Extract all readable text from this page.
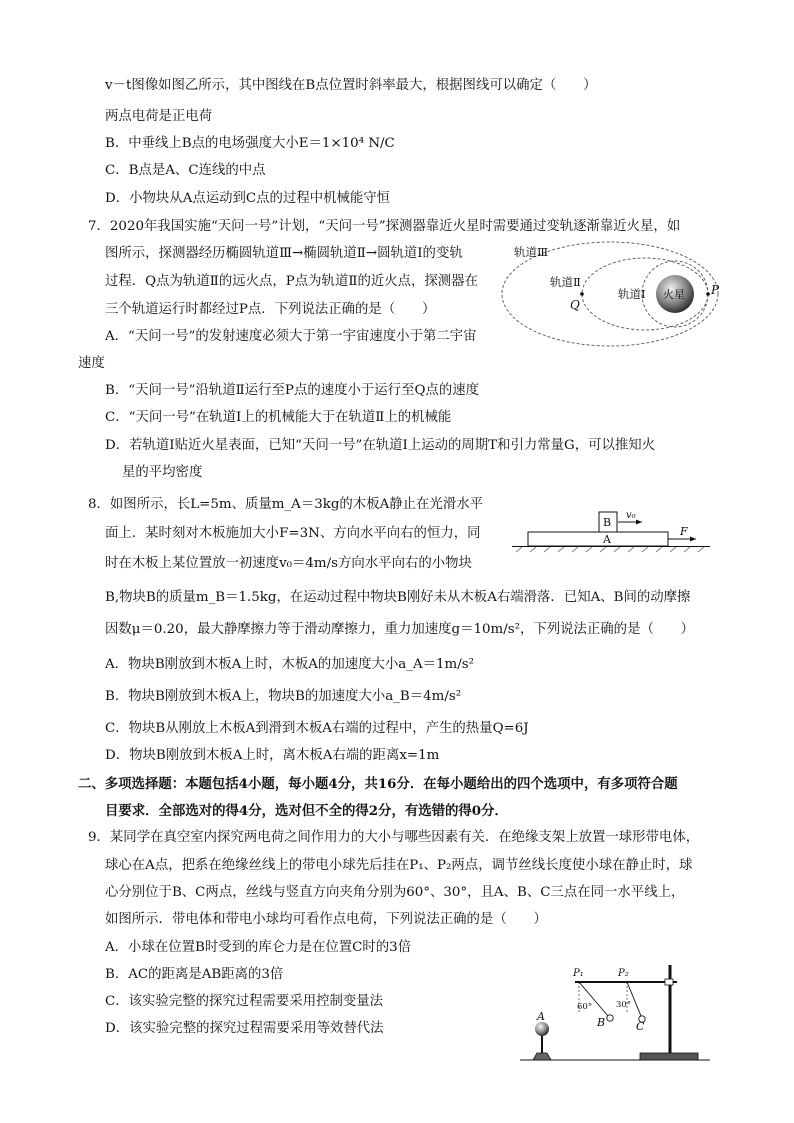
v－t图像如图乙所示，其中图线在B点位置时斜率最大，根据图线可以确定（　　）
两点电荷是正电荷
B．中垂线上B点的电场强度大小E＝1×10⁴ N/C
C．B点是A、C连线的中点
D．小物块从A点运动到C点的过程中机械能守恒
7．2020年我国实施“天问一号”计划，“天问一号”探测器靠近火星时需要通过变轨逐渐靠近火星，如
图所示，探测器经历椭圆轨道Ⅲ→椭圆轨道Ⅱ→圆轨道Ⅰ的变轨
过程．Q点为轨道Ⅱ的远火点，P点为轨道Ⅱ的近火点，探测器在
三个轨道运行时都经过P点．下列说法正确的是（　　）
A．“天问一号”的发射速度必须大于第一宇宙速度小于第二宇宙
速度
B．“天问一号”沿轨道Ⅱ运行至P点的速度小于运行至Q点的速度
C．“天问一号”在轨道Ⅰ上的机械能大于在轨道Ⅱ上的机械能
D．若轨道Ⅰ贴近火星表面，已知“天问一号”在轨道Ⅰ上运动的周期T和引力常量G，可以推知火
星的平均密度
火星 P
Q
轨道Ⅲ
轨道Ⅱ
轨道Ⅰ
8．如图所示，长L=5m、质量m_A＝3kg的木板A静止在光滑水平
面上．某时刻对木板施加大小F=3N、方向水平向右的恒力，同
时在木板上某位置放一初速度v₀＝4m/s方向水平向右的小物块
B,物块B的质量m_B＝1.5kg，在运动过程中物块B刚好未从木板A右端滑落．已知A、B间的动摩擦
因数μ＝0.20，最大静摩擦力等于滑动摩擦力，重力加速度g＝10m/s²，下列说法正确的是（　　）
A．物块B刚放到木板A上时，木板A的加速度大小a_A＝1m/s²
B．物块B刚放到木板A上，物块B的加速度大小a_B＝4m/s²
C．物块B从刚放上木板A到滑到木板A右端的过程中，产生的热量Q=6J
D．物块B刚放到木板A上时，离木板A右端的距离x=1m
B
A
v₀
F
二、多项选择题：本题包括4小题，每小题4分，共16分．在每小题给出的四个选项中，有多项符合题
目要求．全部选对的得4分，选对但不全的得2分，有选错的得0分．
9．某同学在真空室内探究两电荷之间作用力的大小与哪些因素有关．在绝缘支架上放置一球形带电体，
球心在A点，把系在绝缘丝线上的带电小球先后挂在P₁、P₂两点，调节丝线长度使小球在静止时，球
心分别位于B、C两点，丝线与竖直方向夹角分别为60°、30°，且A、B、C三点在同一水平线上，
如图所示．带电体和带电小球均可看作点电荷，下列说法正确的是（　　）
A．小球在位置B时受到的库仑力是在位置C时的3倍
B．AC的距离是AB距离的3倍
C．该实验完整的探究过程需要采用控制变量法
D．该实验完整的探究过程需要采用等效替代法
P₁	P₂
60°	30°
B	C
A
